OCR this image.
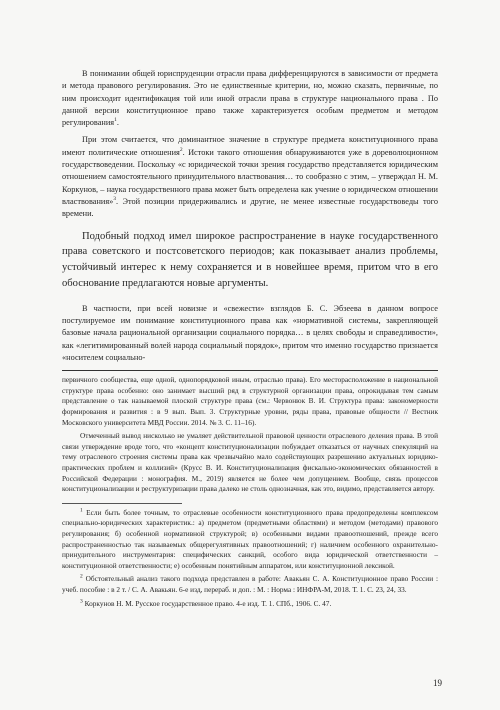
В понимании общей юриспруденции отрасли права дифференцируются в зависимости от предмета и метода правового регулирования. Это не единственные критерии, но, можно сказать, первичные, по ним происходит идентификация той или иной отрасли права в структуре национального права . По данной версии конституционное право также характеризуется особым предметом и методом регулирования$^1$.

При этом считается, что доминантное значение в структуре предмета конституционного права имеют политические отношения$^2$. Истоки такого отношения обнаруживаются уже в дореволюционном государствоведении. Поскольку «с юридической точки зрения государство представляется юридическим отношением самостоятельного принудительного властвования… то сообразно с этим, – утверждал Н. М. Коркунов, – наука государственного права может быть определена как учение о юридическом отношении властвования»$^3$. Этой позиции придерживались и другие, не менее известные государствоведы того времени.

Подобный подход имел широкое распространение в науке государственного права советского и постсоветского периодов; как показывает анализ проблемы, устойчивый интерес к нему сохраняется и в новейшее время, притом что в его обоснование предлагаются новые аргументы.

В частности, при всей новизне и «свежести» взглядов Б. С. Эбзеева в данном вопросе постулируемое им понимание конституционного права как «нормативной системы, закрепляющей базовые начала рациональной организации социального порядка… в целях свободы и справедливости», как «легитимированный волей народа социальный порядок», притом что именно государство признается «носителем социально-

первичного сообщества, еще одной, однопорядковой иным, отраслью права). Его месторасположение в национальной структуре права особенно: оно занимает высший ряд в структурной организации права, опрокидывая тем самым представление о так называемой плоской структуре права (см.: Червонюк В. И. Структура права: закономерности формирования и развития : в 9 вып. Вып. 3. Структурные уровни, ряды права, правовые общности // Вестник Московского университета МВД России. 2014. № 3. С. 11–16).

Отмеченный вывод нисколько не умаляет действительной правовой ценности отраслевого деления права. В этой связи утверждение вроде того, что «концепт конституционализации побуждает отказаться от научных спекуляций на тему отраслевого строения системы права как чрезвычайно мало содействующих разрешению актуальных юридико-практических проблем и коллизий» (Крусс В. И. Конституционализация фискально-экономических обязанностей в Российской Федерации : монография. М., 2019) является не более чем допущением. Вообще, связь процессов конституционализации и реструктуризации права далеко не столь однозначная, как это, видимо, представляется автору.

$^1$ Если быть более точным, то отраслевые особенности конституционного права предопределены комплексом специально-юридических характеристик.: а) предметом (предметными областями) и методом (методами) правового регулирования; б) особенной нормативной структурой; в) особенными видами правоотношений, прежде всего распространенностью так называемых общерегулятивных правоотношений; г) наличием особенного охранительно-принудительного инструментария: специфических санкций, особого вида юридической ответственности – конституционной ответственности; е) особенным понятийным аппаратом, или конституционной лексикой.

$^2$ Обстоятельный анализ такого подхода представлен в работе: Авакьян С. А. Конституционное право России : учеб. пособие : в 2 т. / С. А. Авакьян. 6-е изд, перераб. и доп. : М. : Норма : ИНФРА-М, 2018. Т. 1. С. 23, 24, 33.

$^3$ Коркунов Н. М. Русское государственное право. 4-е изд. Т. 1. СПб., 1906. С. 47.

19
